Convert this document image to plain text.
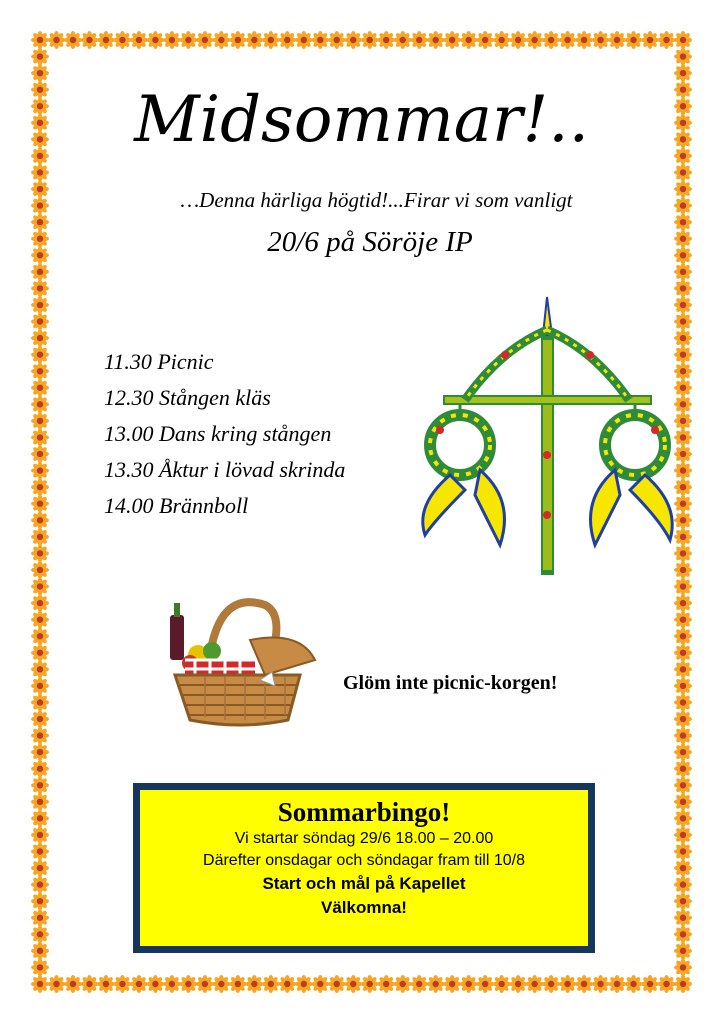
Midsommar!..
…Denna härliga högtid!...Firar vi som vanligt
20/6 på Söröje IP
11.30 Picnic
12.30 Stången kläs
13.00 Dans kring stången
13.30 Åktur i lövad skrinda
14.00 Brännboll
Glöm inte picnic-korgen!
Sommarbingo!
Vi startar söndag 29/6 18.00 – 20.00
Därefter onsdagar och söndagar fram till 10/8
Start och mål på Kapellet
Välkomna!
